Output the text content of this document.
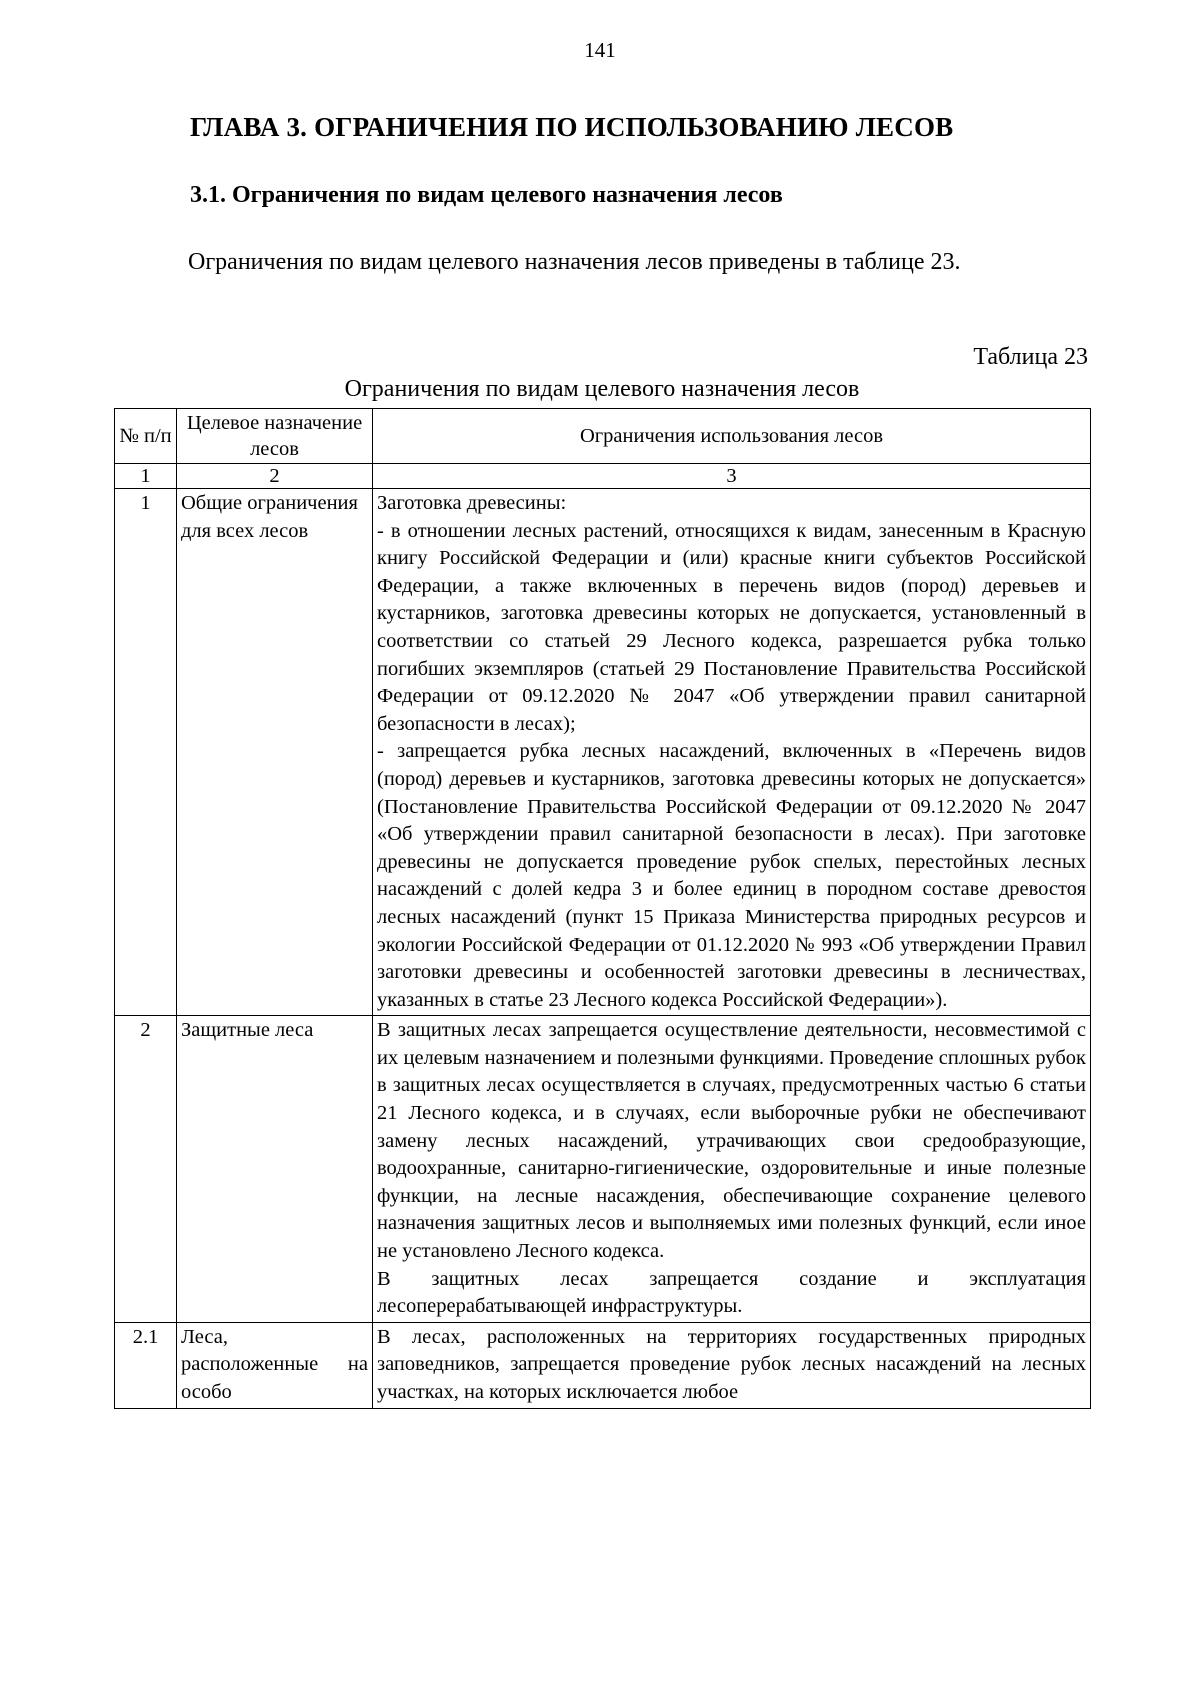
141
ГЛАВА 3. ОГРАНИЧЕНИЯ ПО ИСПОЛЬЗОВАНИЮ ЛЕСОВ
3.1. Ограничения по видам целевого назначения лесов

Ограничения по видам целевого назначения лесов приведены в таблице 23.

Таблица 23
Ограничения по видам целевого назначения лесов
№ п/п	Целевое назначение лесов	Ограничения использования лесов
1	2	3
1	Общие ограничения для всех лесов	Заготовка древесины:
- в отношении лесных растений, относящихся к видам, занесенным в Красную книгу Российской Федерации и (или) красные книги субъектов Российской Федерации, а также включенных в перечень видов (пород) деревьев и кустарников, заготовка древесины которых не допускается, установленный в соответствии со статьей 29 Лесного кодекса, разрешается рубка только погибших экземпляров (статьей 29 Постановление Правительства Российской Федерации от 09.12.2020 № 2047 «Об утверждении правил санитарной безопасности в лесах);
- запрещается рубка лесных насаждений, включенных в «Перечень видов (пород) деревьев и кустарников, заготовка древесины которых не допускается» (Постановление Правительства Российской Федерации от 09.12.2020 № 2047 «Об утверждении правил санитарной безопасности в лесах). При заготовке древесины не допускается проведение рубок спелых, перестойных лесных насаждений с долей кедра 3 и более единиц в породном составе древостоя лесных насаждений (пункт 15 Приказа Министерства природных ресурсов и экологии Российской Федерации от 01.12.2020 № 993 «Об утверждении Правил заготовки древесины и особенностей заготовки древесины в лесничествах, указанных в статье 23 Лесного кодекса Российской Федерации»).

2	Защитные леса	В защитных лесах запрещается осуществление деятельности, несовместимой с их целевым назначением и полезными функциями. Проведение сплошных рубок в защитных лесах осуществляется в случаях, предусмотренных частью 6 статьи 21 Лесного кодекса, и в случаях, если выборочные рубки не обеспечивают замену лесных насаждений, утрачивающих свои средообразующие, водоохранные, санитарно-гигиенические, оздоровительные и иные полезные функции, на лесные насаждения, обеспечивающие сохранение целевого назначения защитных лесов и выполняемых ими полезных функций, если иное не установлено Лесного кодекса.
В защитных лесах запрещается создание и эксплуатация лесоперерабатывающей инфраструктуры.

2.1	Леса, расположенные на особо	В лесах, расположенных на территориях государственных природных заповедников, запрещается проведение рубок лесных насаждений на лесных участках, на которых исключается любое
